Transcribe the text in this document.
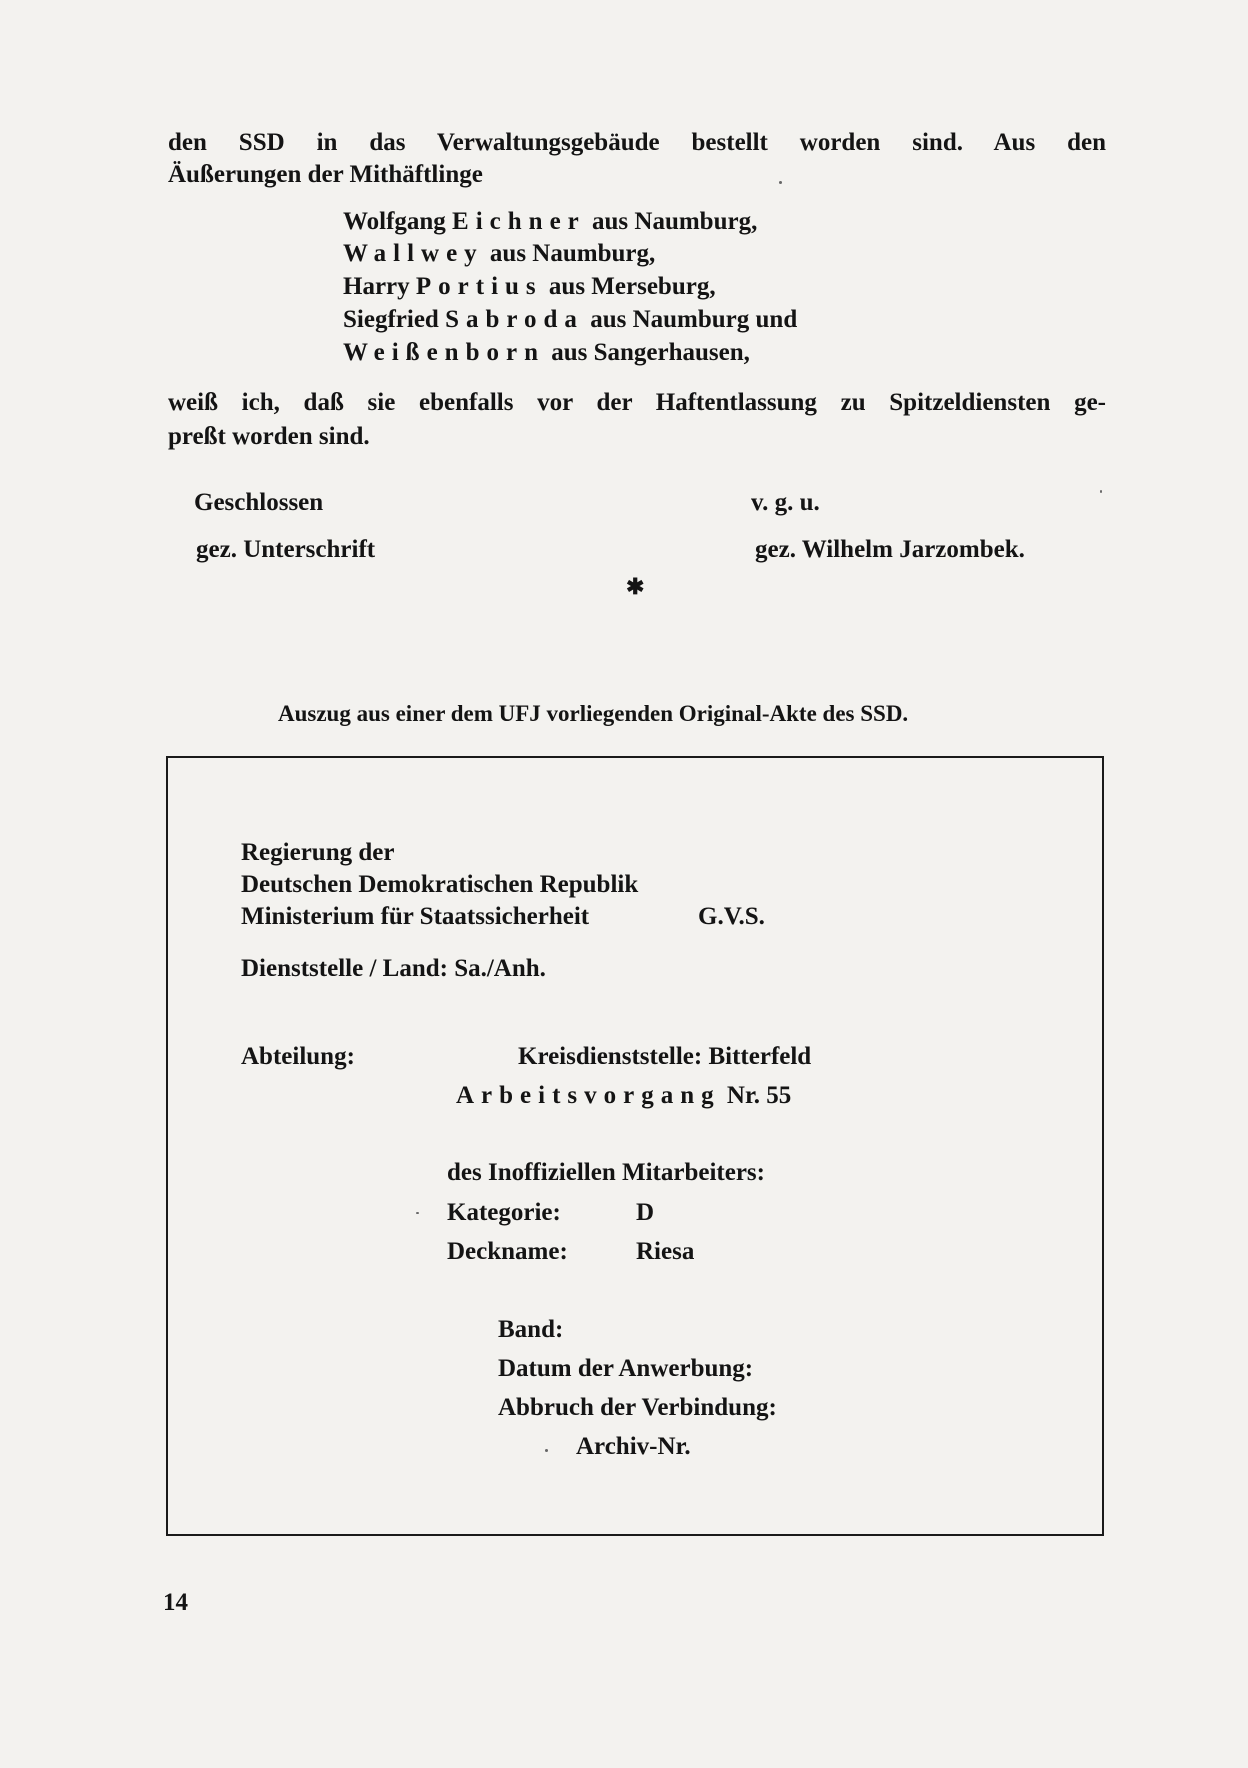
den SSD in das Verwaltungsgebäude bestellt worden sind. Aus den
Äußerungen der Mithäftlinge
Wolfgang Eichner aus Naumburg,
Wallwey aus Naumburg,
Harry Portius aus Merseburg,
Siegfried Sabroda aus Naumburg und
Weißenborn aus Sangerhausen,
weiß ich, daß sie ebenfalls vor der Haftentlassung zu Spitzeldiensten ge-
preßt worden sind.
Geschlossen	v. g. u.
gez. Unterschrift	gez. Wilhelm Jarzombek.
✱
Auszug aus einer dem UFJ vorliegenden Original-Akte des SSD.
Regierung der
Deutschen Demokratischen Republik
Ministerium für Staatssicherheit	G.V.S.
Dienststelle / Land: Sa./Anh.
Abteilung:	Kreisdienststelle: Bitterfeld
Arbeitsvorgang Nr. 55
des Inoffiziellen Mitarbeiters:
Kategorie:	D
Deckname:	Riesa
Band:
Datum der Anwerbung:
Abbruch der Verbindung:
Archiv-Nr.
14
